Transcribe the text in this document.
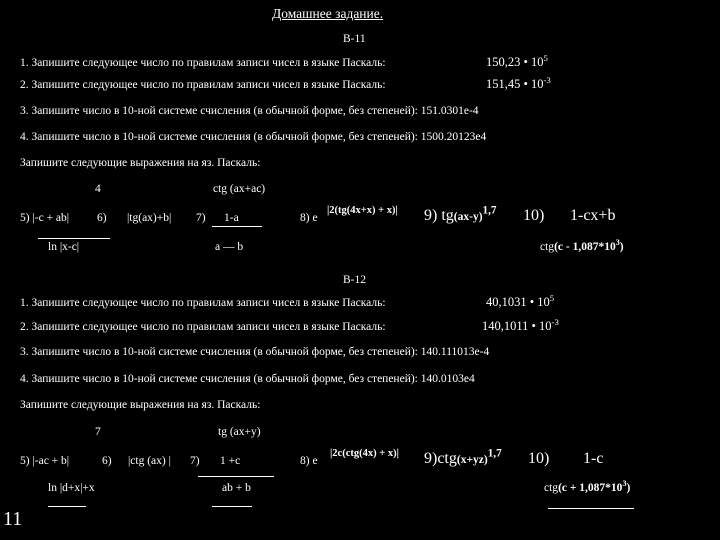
Домашнее задание.
В-11
1. Запишите следующее число по правилам записи чисел в языке Паскаль:	150,23 • $10^5$
2. Запишите следующее число по правилам записи чисел в языке Паскаль:	151,45 • $10^{-3}$
3. Запишите число в 10-ной системе счисления (в обычной форме, без степеней): 151.0301e-4
4. Запишите число в 10-ной системе счисления (в обычной форме, без степеней): 1500.20123e4
Запишите следующие выражения на яз. Паскаль:
4	ctg (ax+ac)
5) |-c + ab| 6) |tg(ax)+b| 7) 1-a	8) e
|2(tg(4x+x) + x)| 9) $tg(ax-y)^{1,7}$ 10) 1-cx+b
ln |x-c|	a — b	$ctg(c - 1,087*10^3)$
В-12
1. Запишите следующее число по правилам записи чисел в языке Паскаль:	40,1031 • $10^5$
2. Запишите следующее число по правилам записи чисел в языке Паскаль:	140,1011 • $10^{-3}$
3. Запишите число в 10-ной системе счисления (в обычной форме, без степеней): 140.111013e-4
4. Запишите число в 10-ной системе счисления (в обычной форме, без степеней): 140.0103e4
Запишите следующие выражения на яз. Паскаль:
7	tg (ax+y)
5) |-ac + b|	6) |ctg (ax) | 7) 1 +c	8) e
|2c(ctg(4x) + x)| $9)ctg(x+yz)^{1,7}$ 10) 1-c
ln |d+x|+x	ab + b	$ctg(c + 1,087*10^3)$
11
